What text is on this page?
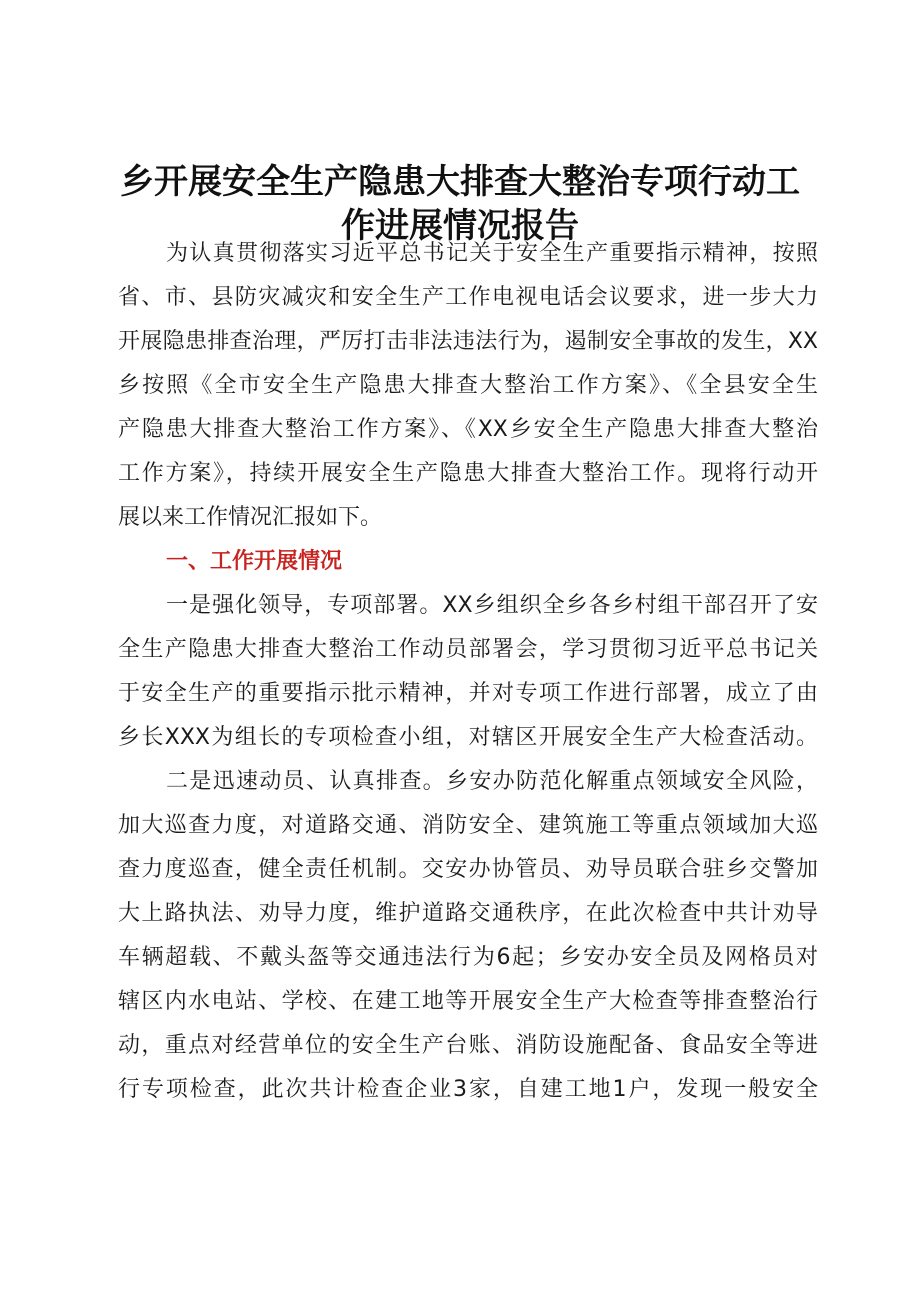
乡开展安全生产隐患大排查大整治专项行动工
作进展情况报告
为认真贯彻落实习近平总书记关于安全生产重要指示精神，按照
省、市、县防灾减灾和安全生产工作电视电话会议要求，进一步大力
开展隐患排查治理，严厉打击非法违法行为，遏制安全事故的发生，XX
乡按照《全市安全生产隐患大排查大整治工作方案》、《全县安全生
产隐患大排查大整治工作方案》、《XX乡安全生产隐患大排查大整治
工作方案》，持续开展安全生产隐患大排查大整治工作。现将行动开
展以来工作情况汇报如下。
一、工作开展情况
一是强化领导，专项部署。XX乡组织全乡各乡村组干部召开了安
全生产隐患大排查大整治工作动员部署会，学习贯彻习近平总书记关
于安全生产的重要指示批示精神，并对专项工作进行部署，成立了由
乡长XXX为组长的专项检查小组，对辖区开展安全生产大检查活动。
二是迅速动员、认真排查。乡安办防范化解重点领域安全风险，
加大巡查力度，对道路交通、消防安全、建筑施工等重点领域加大巡
查力度巡查，健全责任机制。交安办协管员、劝导员联合驻乡交警加
大上路执法、劝导力度，维护道路交通秩序，在此次检查中共计劝导
车辆超载、不戴头盔等交通违法行为6起；乡安办安全员及网格员对
辖区内水电站、学校、在建工地等开展安全生产大检查等排查整治行
动，重点对经营单位的安全生产台账、消防设施配备、食品安全等进
行专项检查，此次共计检查企业3家，自建工地1户，发现一般安全
